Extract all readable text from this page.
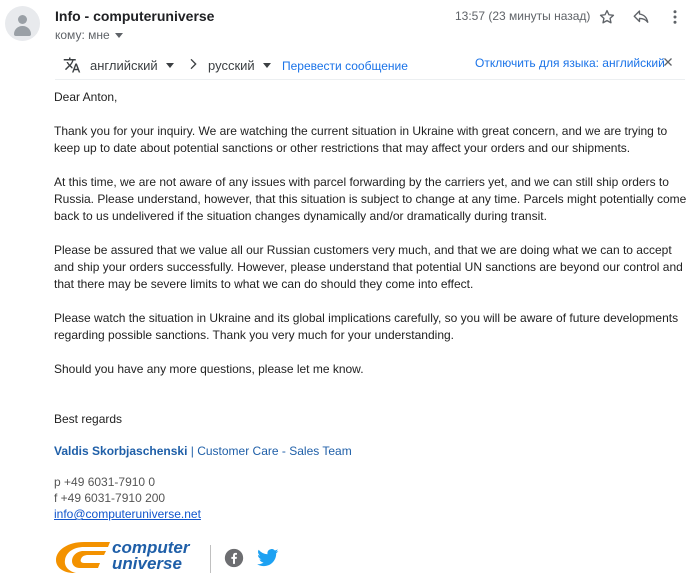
Info - computeruniverse
кому: мне
13:57 (23 минуты назад)
английский	русский Перевести сообщение	Отключить для языка: английский

Dear Anton,

Thank you for your inquiry. We are watching the current situation in Ukraine with great concern, and we are trying to keep up to date about potential sanctions or other restrictions that may affect your orders and our shipments.

At this time, we are not aware of any issues with parcel forwarding by the carriers yet, and we can still ship orders to Russia. Please understand, however, that this situation is subject to change at any time. Parcels might potentially come back to us undelivered if the situation changes dynamically and/or dramatically during transit.

Please be assured that we value all our Russian customers very much, and that we are doing what we can to accept and ship your orders successfully. However, please understand that potential UN sanctions are beyond our control and that there may be severe limits to what we can do should they come into effect.

Please watch the situation in Ukraine and its global implications carefully, so you will be aware of future developments regarding possible sanctions. Thank you very much for your understanding.

Should you have any more questions, please let me know.

Best regards
Valdis Skorbjaschenski | Customer Care - Sales Team
p +49 6031-7910 0
f +49 6031-7910 200
info@computeruniverse.net
computer
universe
